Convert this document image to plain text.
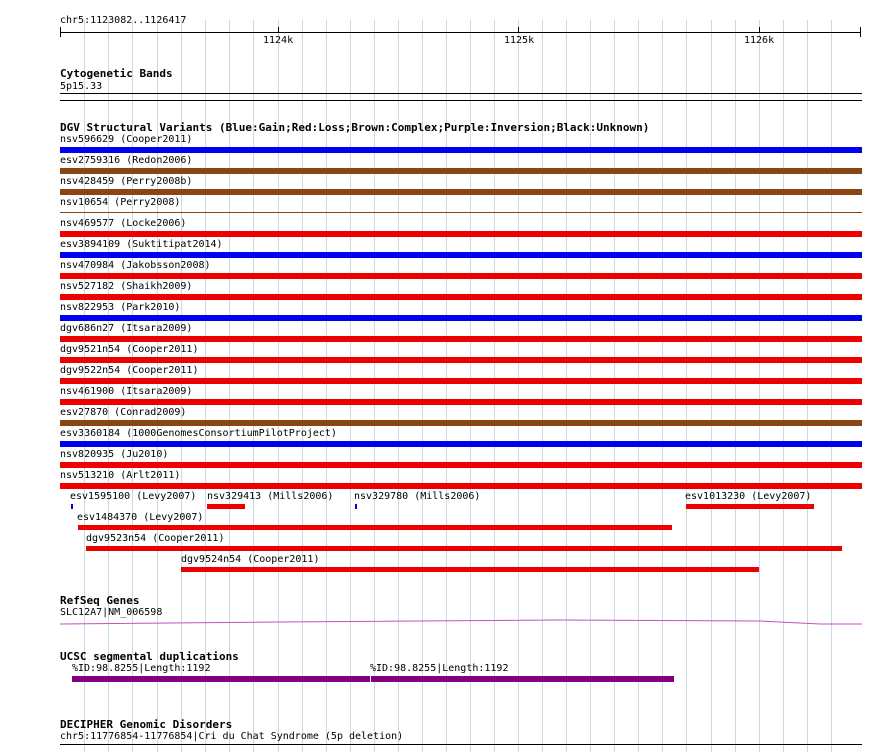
chr5:1123082..1126417
1124k	1125k	1126k
Cytogenetic Bands
5p15.33
DGV Structural Variants (Blue:Gain;Red:Loss;Brown:Complex;Purple:Inversion;Black:Unknown)
nsv596629 (Cooper2011)
esv2759316 (Redon2006)
nsv428459 (Perry2008b)
nsv10654 (Perry2008)
nsv469577 (Locke2006)
esv3894109 (Suktitipat2014)
nsv470984 (Jakobsson2008)
nsv527182 (Shaikh2009)
nsv822953 (Park2010)
dgv686n27 (Itsara2009)
dgv9521n54 (Cooper2011)
dgv9522n54 (Cooper2011)
nsv461900 (Itsara2009)
esv27870 (Conrad2009)
esv3360184 (1000GenomesConsortiumPilotProject)
nsv820935 (Ju2010)
nsv513210 (Arlt2011)
esv1595100 (Levy2007) nsv329413 (Mills2006) nsv329780 (Mills2006)	esv1013230 (Levy2007)
esv1484370 (Levy2007)
dgv9523n54 (Cooper2011)
dgv9524n54 (Cooper2011)
RefSeq Genes
SLC12A7|NM_006598
UCSC segmental duplications
%ID:98.8255|Length:1192	%ID:98.8255|Length:1192
DECIPHER Genomic Disorders
chr5:11776854-11776854|Cri du Chat Syndrome (5p deletion)
